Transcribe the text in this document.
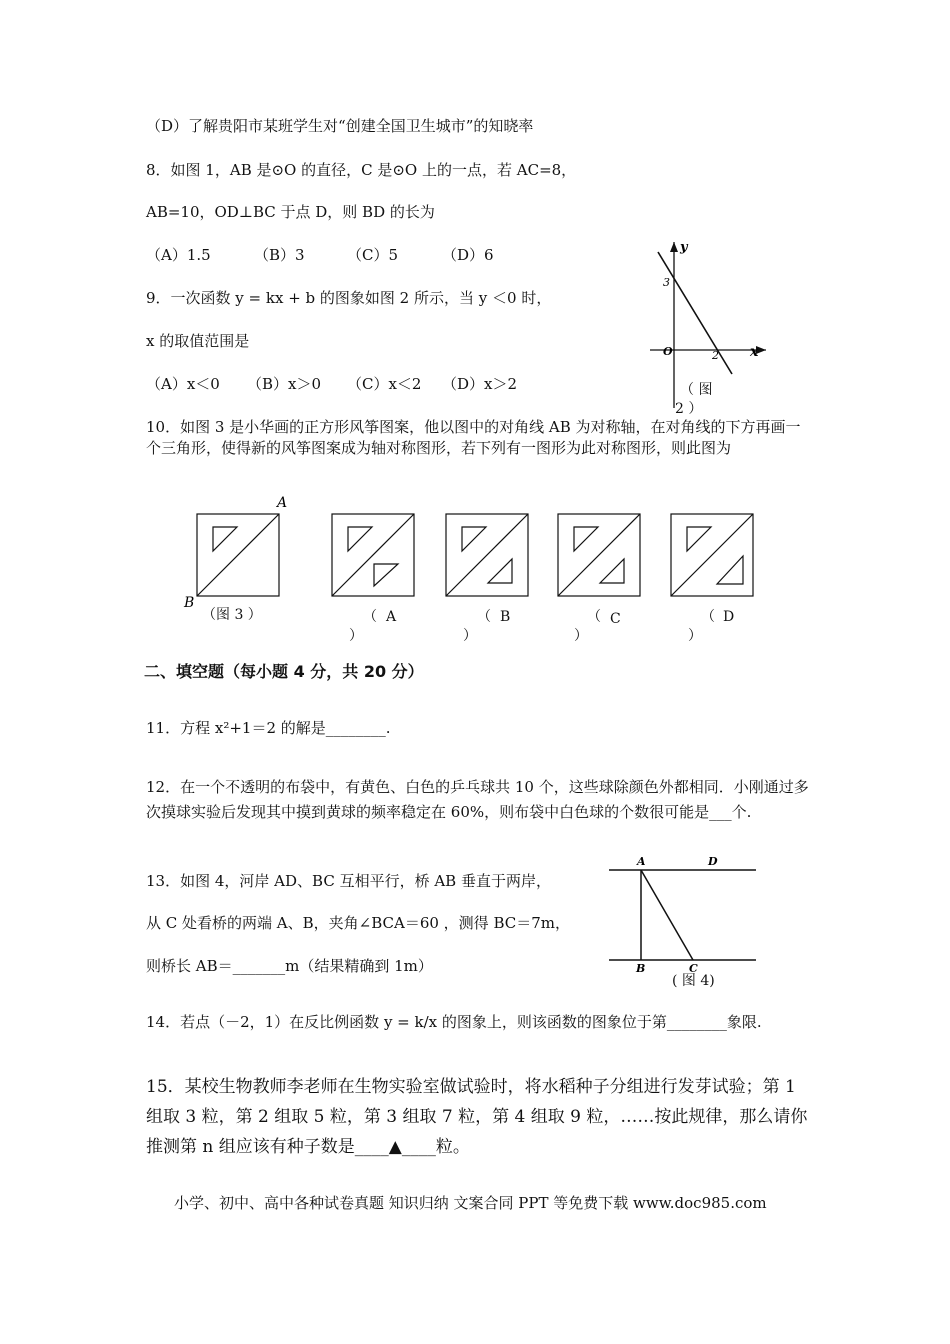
（D）了解贵阳市某班学生对“创建全国卫生城市”的知晓率
8．如图 1，AB 是⊙O 的直径，C 是⊙O 上的一点，若 AC=8，
AB=10，OD⊥BC 于点 D，则 BD 的长为
（A）1.5	（B）3	（C）5	（D）6
9．一次函数 y = kx + b 的图象如图 2 所示，当 y ＜0 时，
x 的取值范围是
（A）x＜0 （B）x＞0 （C）x＜2 （D）x＞2
y
x
3
O	2
（ 图
2 ）
10．如图 3 是小华画的正方形风筝图案，他以图中的对角线 AB 为对称轴，在对角线的下方再画一个三角形，使得新的风筝图案成为轴对称图形，若下列有一图形为此对称图形，则此图为
A
B
（图 3 ）	（ A
）
（ B
）
（ C
）
（ D
）
二、填空题（每小题 4 分，共 20 分）
11．方程 x²+1＝2 的解是________.
12．在一个不透明的布袋中，有黄色、白色的乒乓球共 10 个，这些球除颜色外都相同．小刚通过多次摸球实验后发现其中摸到黄球的频率稳定在 60%，则布袋中白色球的个数很可能是___个.
13．如图 4，河岸 AD、BC 互相平行，桥 AB 垂直于两岸，
从 C 处看桥的两端 A、B，夹角∠BCA＝60 ，测得 BC＝7m，
则桥长 AB＝_______m（结果精确到 1m）
A	D
B	C
( 图 4)
14．若点（－2，1）在反比例函数 y = k/x 的图象上，则该函数的图象位于第________象限.
15．某校生物教师李老师在生物实验室做试验时，将水稻种子分组进行发芽试验；第 1 组取 3 粒，第 2 组取 5 粒，第 3 组取 7 粒，第 4 组取 9 粒，……按此规律，那么请你推测第 n 组应该有种子数是____▲____粒。
小学、初中、高中各种试卷真题 知识归纳 文案合同 PPT 等免费下载 www.doc985.com
